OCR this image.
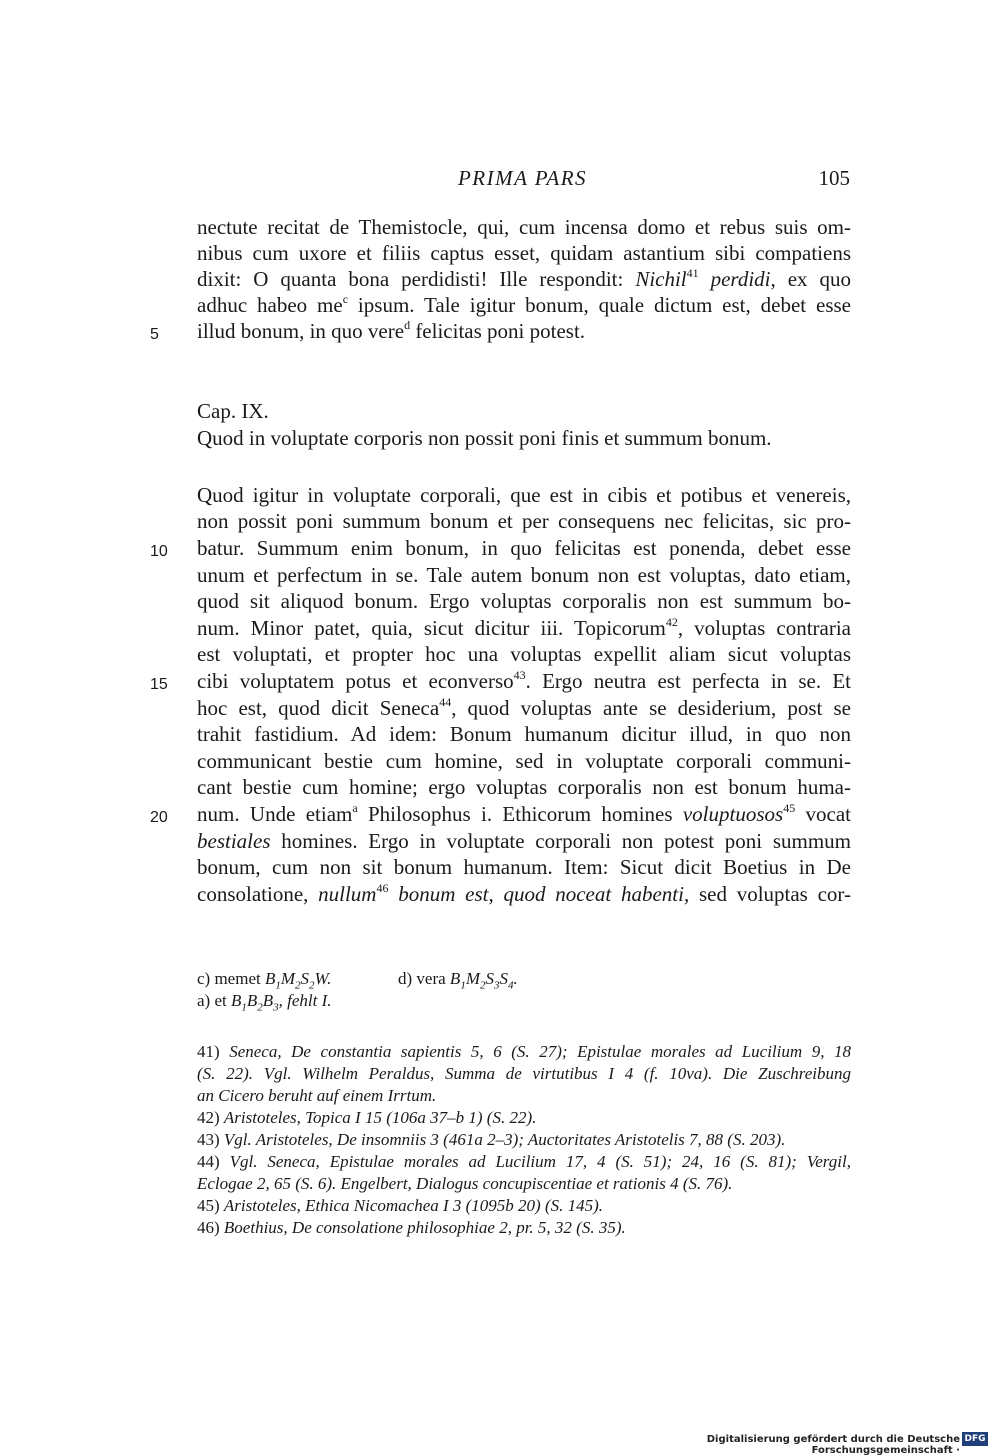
PRIMA PARS	105
nectute recitat de Themistocle, qui, cum incensa domo et rebus suis om-
nibus cum uxore et filiis captus esset, quidam astantium sibi compatiens
dixit: O quanta bona perdidisti! Ille respondit: Nichil$^{41}$ perdidi, ex quo
adhuc habeo $me^c$ ipsum. Tale igitur bonum, quale dictum est, debet esse
illud bonum, in quo vere$^d$ felicitas poni potest.
5
Cap. IX.
Quod in voluptate corporis non possit poni finis et summum bonum.
Quod igitur in voluptate corporali, que est in cibis et potibus et venereis,
non possit poni summum bonum et per consequens nec felicitas, sic pro-
batur. Summum enim bonum, in quo felicitas est ponenda, debet esse
10
unum et perfectum in se. Tale autem bonum non est voluptas, dato etiam,
quod sit aliquod bonum. Ergo voluptas corporalis non est summum bo-
num. Minor patet, quia, sicut dicitur iii. Topicorum$^{42}$, voluptas contraria
est voluptati, et propter hoc una voluptas expellit aliam sicut voluptas
cibi voluptatem potus et econverso$^{43}$. Ergo neutra est perfecta in se. Et
15
hoc est, quod dicit Seneca$^{44}$, quod voluptas ante se desiderium, post se
trahit fastidium. Ad idem: Bonum humanum dicitur illud, in quo non
communicant bestie cum homine, sed in voluptate corporali communi-
cant bestie cum homine; ergo voluptas corporalis non est bonum huma-
num. Unde etiam$^a$ Philosophus i. Ethicorum homines voluptuosos$^{45}$ vocat
20
bestiales homines. Ergo in voluptate corporali non potest poni summum
bonum, cum non sit bonum humanum. Item: Sicut dicit Boetius in De
consolatione, nullum$^{46}$ bonum est, quod noceat habenti, sed voluptas cor-
c) memet $B_1M_2S_2W$.	d) vera $B_1M_2S_3S_4$.
a) et $B_1B_2B_3$, fehlt I.
41) Seneca, De constantia sapientis 5, 6 (S. 27); Epistulae morales ad Lucilium 9, 18
(S. 22). Vgl. Wilhelm Peraldus, Summa de virtutibus I 4 (f. 10va). Die Zuschreibung
an Cicero beruht auf einem Irrtum.
42) Aristoteles, Topica I 15 (106a 37–b 1) (S. 22).
43) Vgl. Aristoteles, De insomniis 3 (461a 2–3); Auctoritates Aristotelis 7, 88 (S. 203).
44) Vgl. Seneca, Epistulae morales ad Lucilium 17, 4 (S. 51); 24, 16 (S. 81); Vergil,
Eclogae 2, 65 (S. 6). Engelbert, Dialogus concupiscentiae et rationis 4 (S. 76).
45) Aristoteles, Ethica Nicomachea I 3 (1095b 20) (S. 145).
46) Boethius, De consolatione philosophiae 2, pr. 5, 32 (S. 35).
Digitalisierung gefördert durch die Deutsche Forschungsgemeinschaft ·
DFG
